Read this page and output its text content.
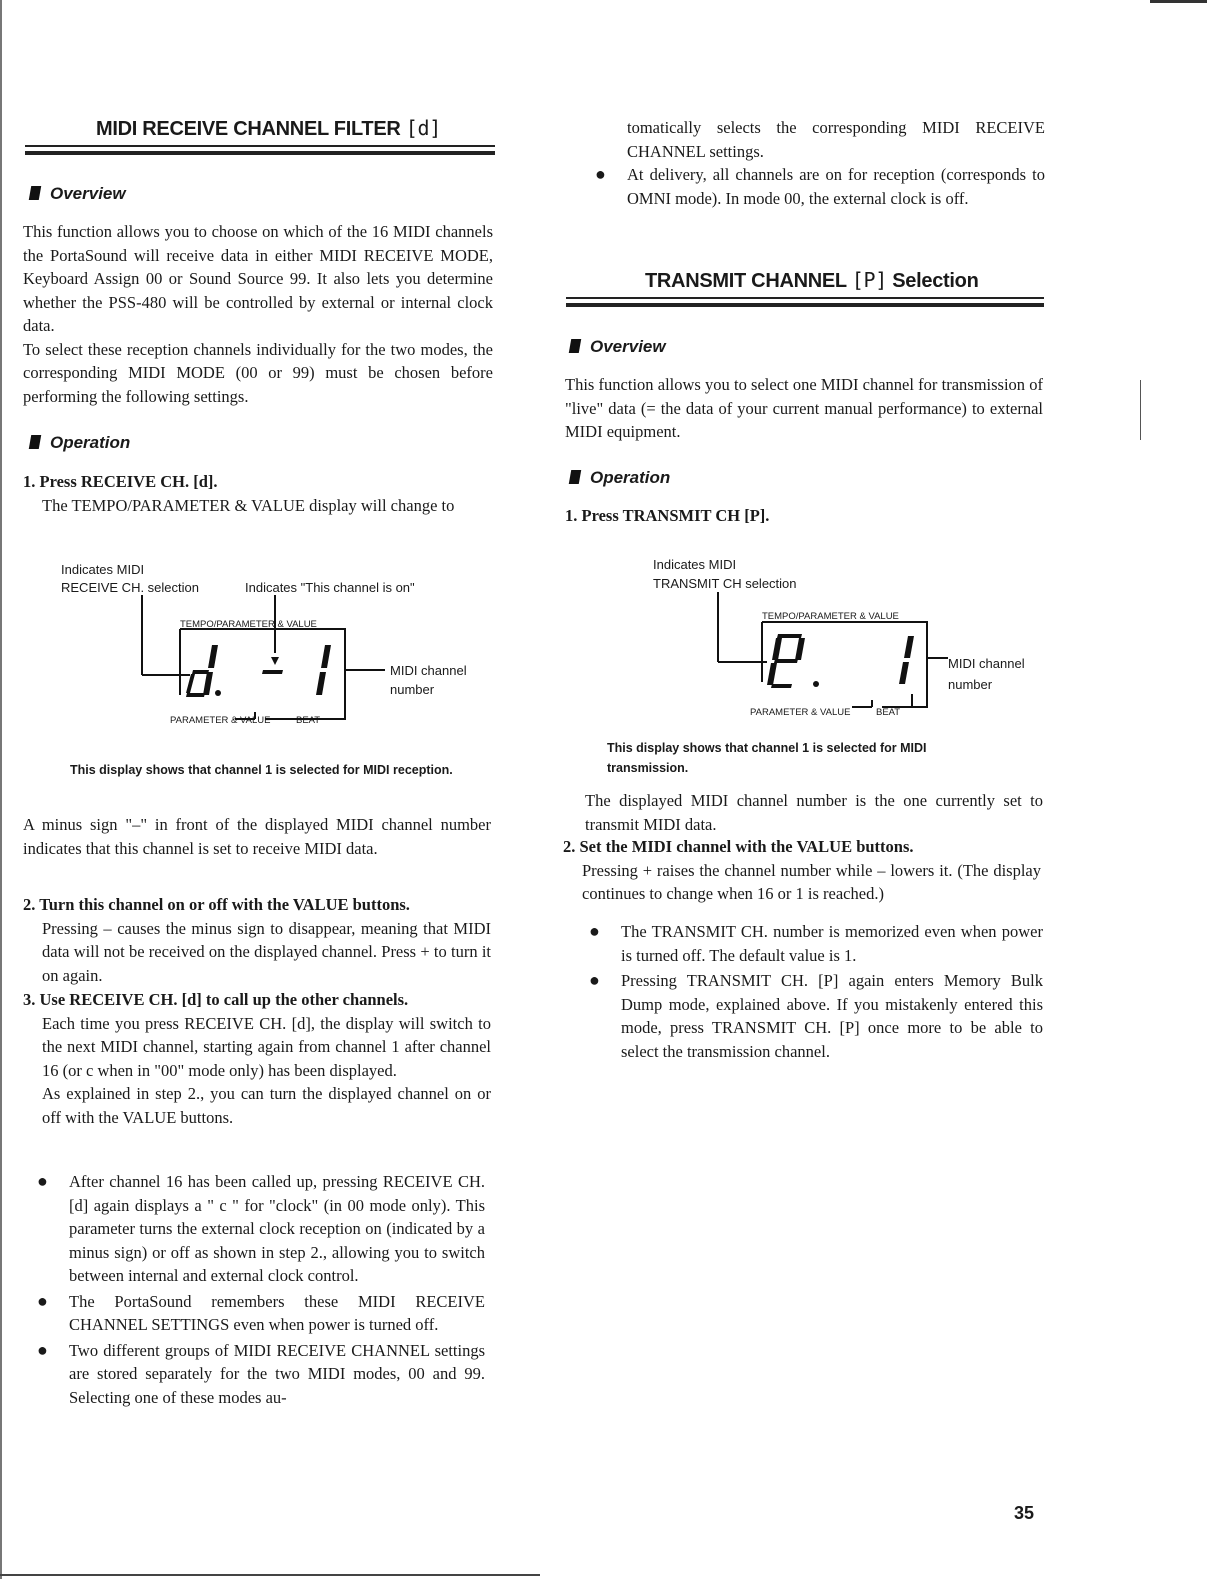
MIDI RECEIVE CHANNEL FILTER [d]
Overview
This function allows you to choose on which of the 16 MIDI channels the PortaSound will receive data in either MIDI RECEIVE MODE, Keyboard Assign 00 or Sound Source 99. It also lets you determine whether the PSS-480 will be controlled by external or internal clock data.
To select these reception channels individually for the two modes, the corresponding MIDI MODE (00 or 99) must be chosen before performing the following settings.
Operation
1. Press RECEIVE CH. [d].
The TEMPO/PARAMETER & VALUE display will change to
Indicates MIDI
RECEIVE CH. selection	Indicates "This channel is on"
TEMPO/PARAMETER & VALUE
PARAMETER & VALUE	BEAT
MIDI channel
number
This display shows that channel 1 is selected for MIDI reception.
A minus sign "–" in front of the displayed MIDI channel number indicates that this channel is set to receive MIDI data.
2. Turn this channel on or off with the VALUE buttons.
Pressing – causes the minus sign to disappear, meaning that MIDI data will not be received on the displayed channel. Press + to turn it on again.
3. Use RECEIVE CH. [d] to call up the other channels.
Each time you press RECEIVE CH. [d], the display will switch to the next MIDI channel, starting again from channel 1 after channel 16 (or c when in "00" mode only) has been displayed.
As explained in step 2., you can turn the displayed channel on or off with the VALUE buttons.
● After channel 16 has been called up, pressing RECEIVE CH. [d] again displays a " c " for "clock" (in 00 mode only). This parameter turns the external clock reception on (indicated by a minus sign) or off as shown in step 2., allowing you to switch between internal and external clock control.
● The PortaSound remembers these MIDI RECEIVE CHANNEL SETTINGS even when power is turned off.
● Two different groups of MIDI RECEIVE CHANNEL settings are stored separately for the two MIDI modes, 00 and 99. Selecting one of these modes au-
tomatically selects the corresponding MIDI RECEIVE CHANNEL settings.
● At delivery, all channels are on for reception (corresponds to OMNI mode). In mode 00, the external clock is off.
TRANSMIT CHANNEL [P] Selection
Overview
This function allows you to select one MIDI channel for transmission of "live" data (= the data of your current manual performance) to external MIDI equipment.
Operation
1. Press TRANSMIT CH [P].
Indicates MIDI
TRANSMIT CH selection
TEMPO/PARAMETER & VALUE
PARAMETER & VALUE	BEAT
MIDI channel
number
This display shows that channel 1 is selected for MIDI transmission.
The displayed MIDI channel number is the one currently set to transmit MIDI data.
2. Set the MIDI channel with the VALUE buttons.
Pressing + raises the channel number while – lowers it. (The display continues to change when 16 or 1 is reached.)
● The TRANSMIT CH. number is memorized even when power is turned off. The default value is 1.
● Pressing TRANSMIT CH. [P] again enters Memory Bulk Dump mode, explained above. If you mistakenly entered this mode, press TRANSMIT CH. [P] once more to be able to select the transmission channel.
35
